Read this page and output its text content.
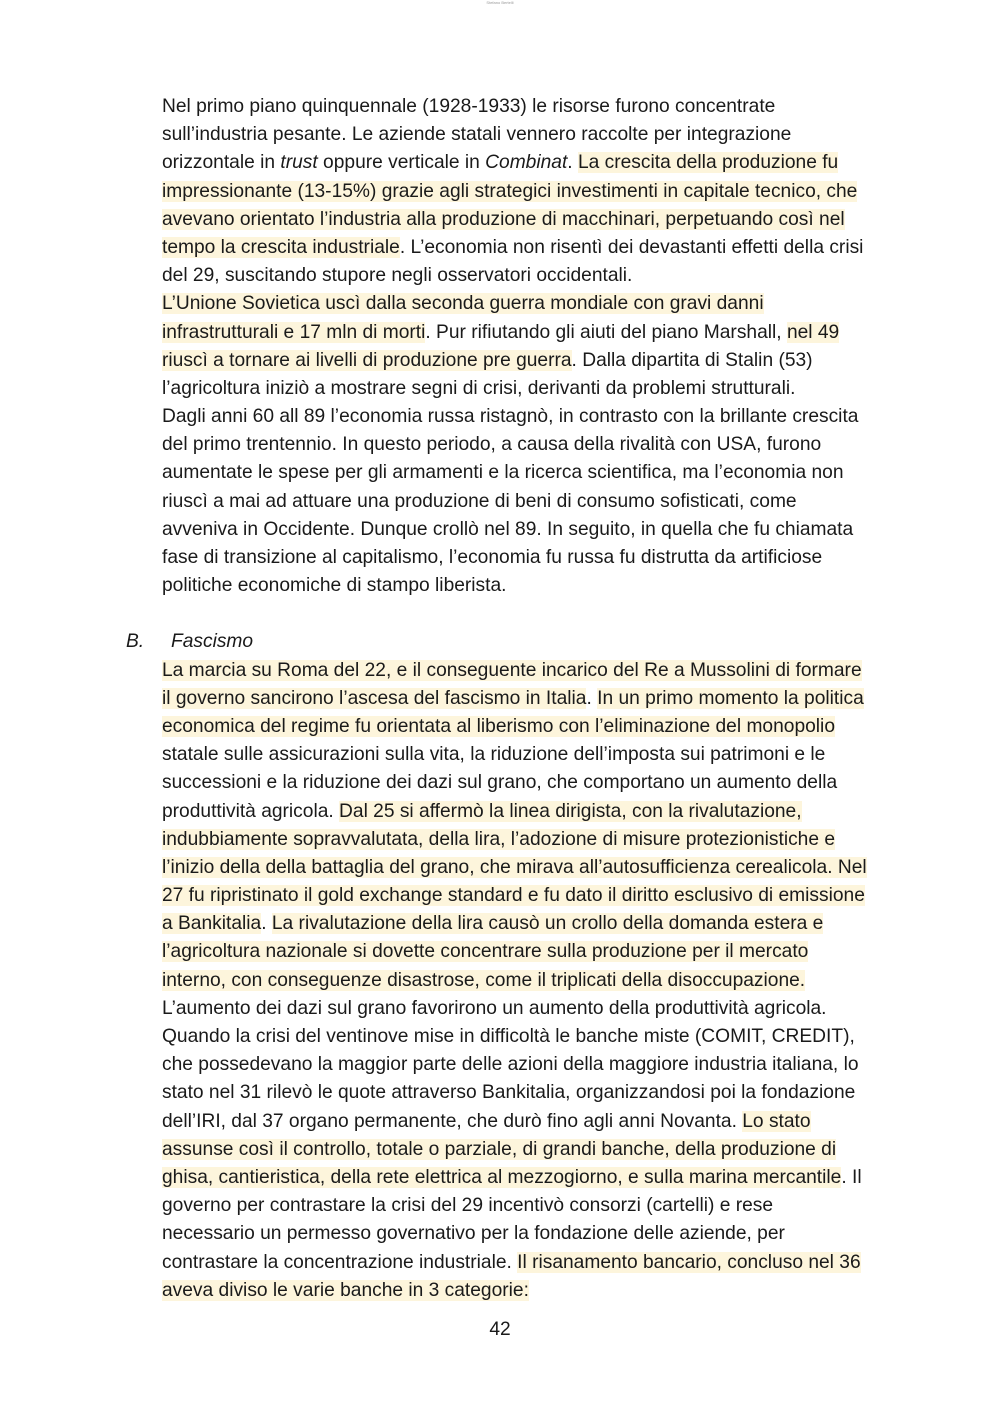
Stefano Bertelli
Nel primo piano quinquennale (1928-1933) le risorse furono concentrate
sull’industria pesante. Le aziende statali vennero raccolte per integrazione
orizzontale in trust oppure verticale in Combinat. La crescita della produzione fu
impressionante (13-15%) grazie agli strategici investimenti in capitale tecnico, che
avevano orientato l’industria alla produzione di macchinari, perpetuando così nel
tempo la crescita industriale. L’economia non risentì dei devastanti effetti della crisi
del 29, suscitando stupore negli osservatori occidentali.
L’Unione Sovietica uscì dalla seconda guerra mondiale con gravi danni
infrastrutturali e 17 mln di morti. Pur rifiutando gli aiuti del piano Marshall, nel 49
riuscì a tornare ai livelli di produzione pre guerra. Dalla dipartita di Stalin (53)
l’agricoltura iniziò a mostrare segni di crisi, derivanti da problemi strutturali.
Dagli anni 60 all 89 l’economia russa ristagnò, in contrasto con la brillante crescita
del primo trentennio. In questo periodo, a causa della rivalità con USA, furono
aumentate le spese per gli armamenti e la ricerca scientifica, ma l’economia non
riuscì a mai ad attuare una produzione di beni di consumo sofisticati, come
avveniva in Occidente. Dunque crollò nel 89. In seguito, in quella che fu chiamata
fase di transizione al capitalismo, l’economia fu russa fu distrutta da artificiose
politiche economiche di stampo liberista.
B. Fascismo
La marcia su Roma del 22, e il conseguente incarico del Re a Mussolini di formare
il governo sancirono l’ascesa del fascismo in Italia. In un primo momento la politica
economica del regime fu orientata al liberismo con l’eliminazione del monopolio
statale sulle assicurazioni sulla vita, la riduzione dell’imposta sui patrimoni e le
successioni e la riduzione dei dazi sul grano, che comportano un aumento della
produttività agricola. Dal 25 si affermò la linea dirigista, con la rivalutazione,
indubbiamente sopravvalutata, della lira, l’adozione di misure protezionistiche e
l’inizio della della battaglia del grano, che mirava all’autosufficienza cerealicola. Nel
27 fu ripristinato il gold exchange standard e fu dato il diritto esclusivo di emissione
a Bankitalia. La rivalutazione della lira causò un crollo della domanda estera e
l’agricoltura nazionale si dovette concentrare sulla produzione per il mercato
interno, con conseguenze disastrose, come il triplicati della disoccupazione.
L’aumento dei dazi sul grano favorirono un aumento della produttività agricola.
Quando la crisi del ventinove mise in difficoltà le banche miste (COMIT, CREDIT),
che possedevano la maggior parte delle azioni della maggiore industria italiana, lo
stato nel 31 rilevò le quote attraverso Bankitalia, organizzandosi poi la fondazione
dell’IRI, dal 37 organo permanente, che durò fino agli anni Novanta. Lo stato
assunse così il controllo, totale o parziale, di grandi banche, della produzione di
ghisa, cantieristica, della rete elettrica al mezzogiorno, e sulla marina mercantile. Il
governo per contrastare la crisi del 29 incentivò consorzi (cartelli) e rese
necessario un permesso governativo per la fondazione delle aziende, per
contrastare la concentrazione industriale. Il risanamento bancario, concluso nel 36
aveva diviso le varie banche in 3 categorie:
42
